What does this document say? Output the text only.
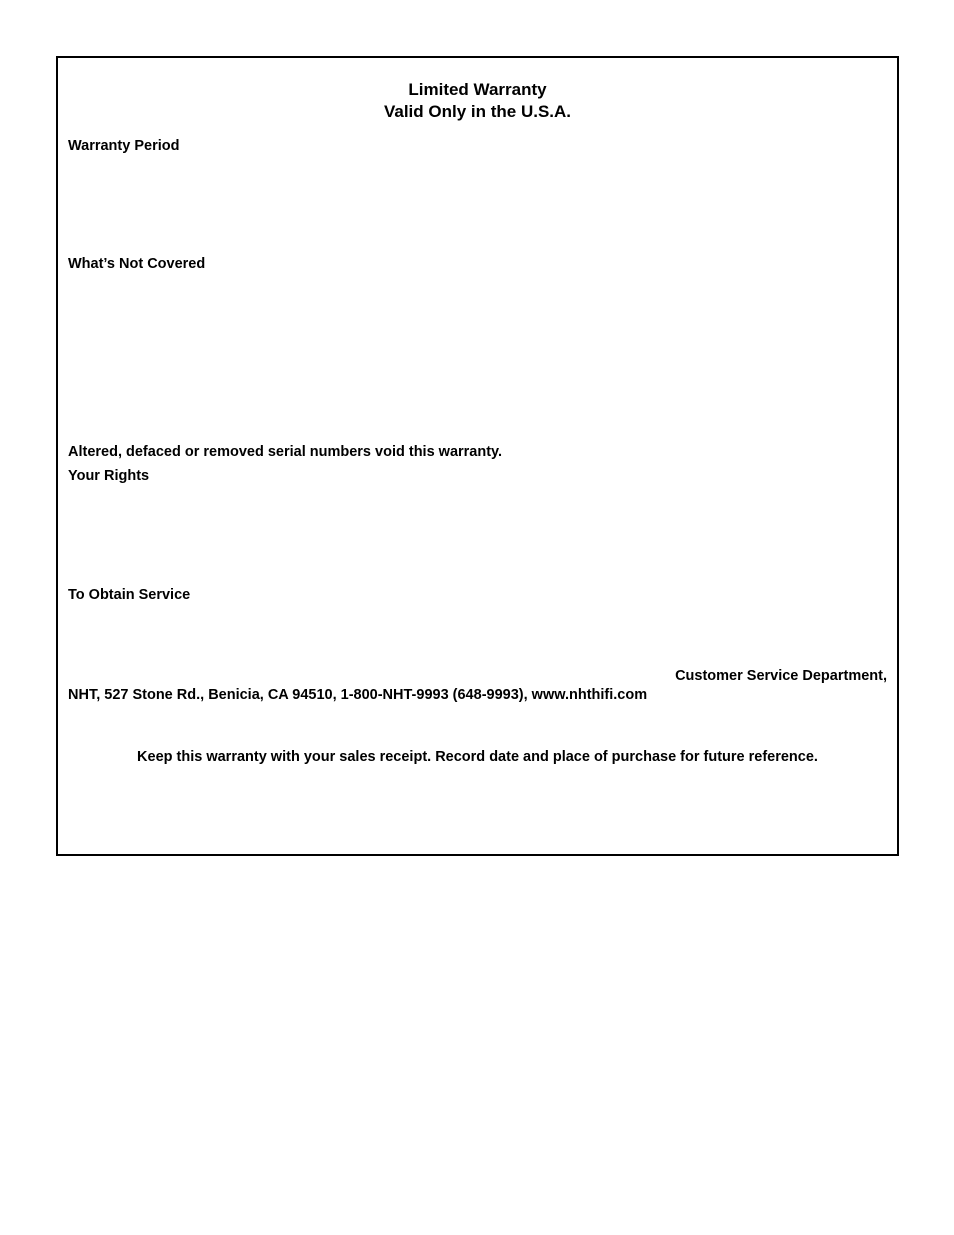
Limited Warranty
Valid Only in the U.S.A.
Warranty Period
What’s Not Covered
Altered, defaced or removed serial numbers void this warranty.
Your Rights
To Obtain Service
Customer Service Department,
NHT, 527 Stone Rd., Benicia, CA 94510, 1-800-NHT-9993 (648-9993), www.nhthifi.com
Keep this warranty with your sales receipt. Record date and place of purchase for future reference.
